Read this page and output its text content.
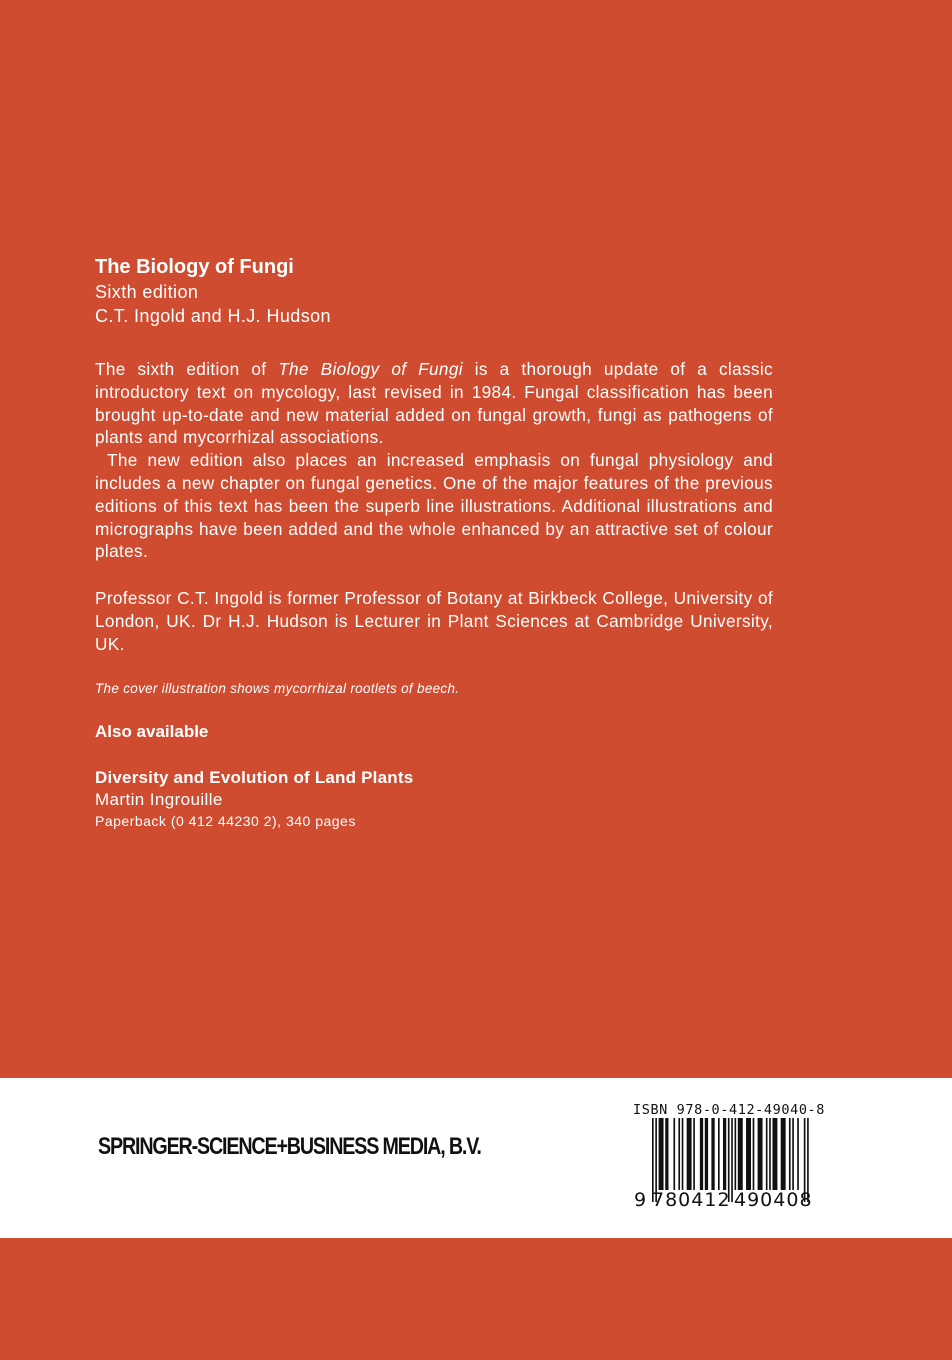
The Biology of Fungi

Sixth edition

C.T. Ingold and H.J. Hudson

The sixth edition of The Biology of Fungi is a thorough update of a classic introductory text on mycology, last revised in 1984. Fungal classification has been brought up-to-date and new material added on fungal growth, fungi as pathogens of plants and mycorrhizal associations.

The new edition also places an increased emphasis on fungal physiology and includes a new chapter on fungal genetics. One of the major features of the previous editions of this text has been the superb line illustrations. Additional illustrations and micrographs have been added and the whole enhanced by an attractive set of colour plates.

Professor C.T. Ingold is former Professor of Botany at Birkbeck College, University of London, UK. Dr H.J. Hudson is Lecturer in Plant Sciences at Cambridge University, UK.

The cover illustration shows mycorrhizal rootlets of beech.
Also available
Diversity and Evolution of Land Plants
Martin Ingrouille
Paperback (0 412 44230 2), 340 pages
SPRINGER-SCIENCE+BUSINESS MEDIA, B.V.
ISBN 978-0-412-49040-8
9 780412 490408
